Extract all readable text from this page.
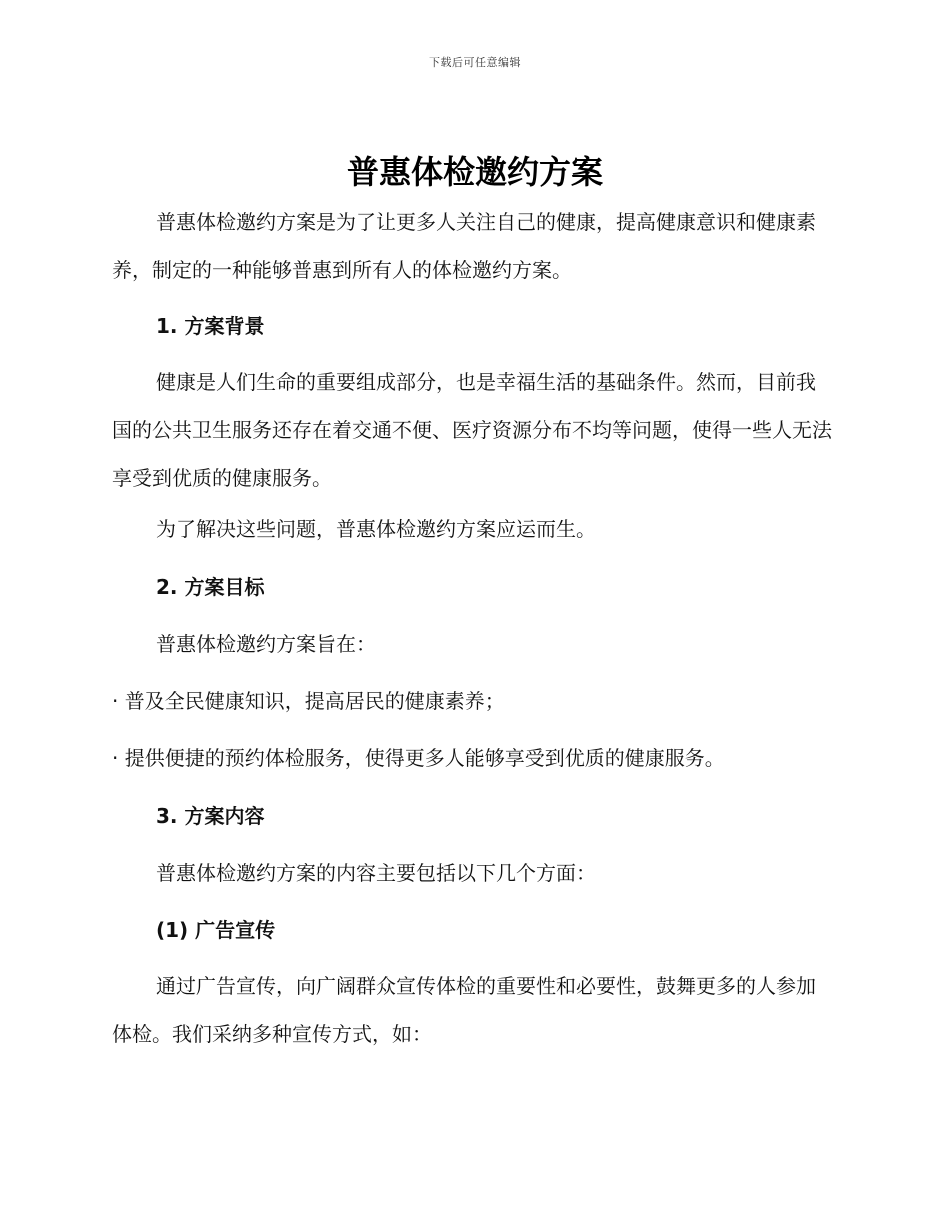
下载后可任意编辑
普惠体检邀约方案

普惠体检邀约方案是为了让更多人关注自己的健康，提高健康意识和健康素养，制定的一种能够普惠到所有人的体检邀约方案。

1. 方案背景

健康是人们生命的重要组成部分，也是幸福生活的基础条件。然而，目前我国的公共卫生服务还存在着交通不便、医疗资源分布不均等问题，使得一些人无法享受到优质的健康服务。

为了解决这些问题，普惠体检邀约方案应运而生。

2. 方案目标

普惠体检邀约方案旨在：

· 普及全民健康知识，提高居民的健康素养；

· 提供便捷的预约体检服务，使得更多人能够享受到优质的健康服务。

3. 方案内容

普惠体检邀约方案的内容主要包括以下几个方面：

(1) 广告宣传

通过广告宣传，向广阔群众宣传体检的重要性和必要性，鼓舞更多的人参加体检。我们采纳多种宣传方式，如：
